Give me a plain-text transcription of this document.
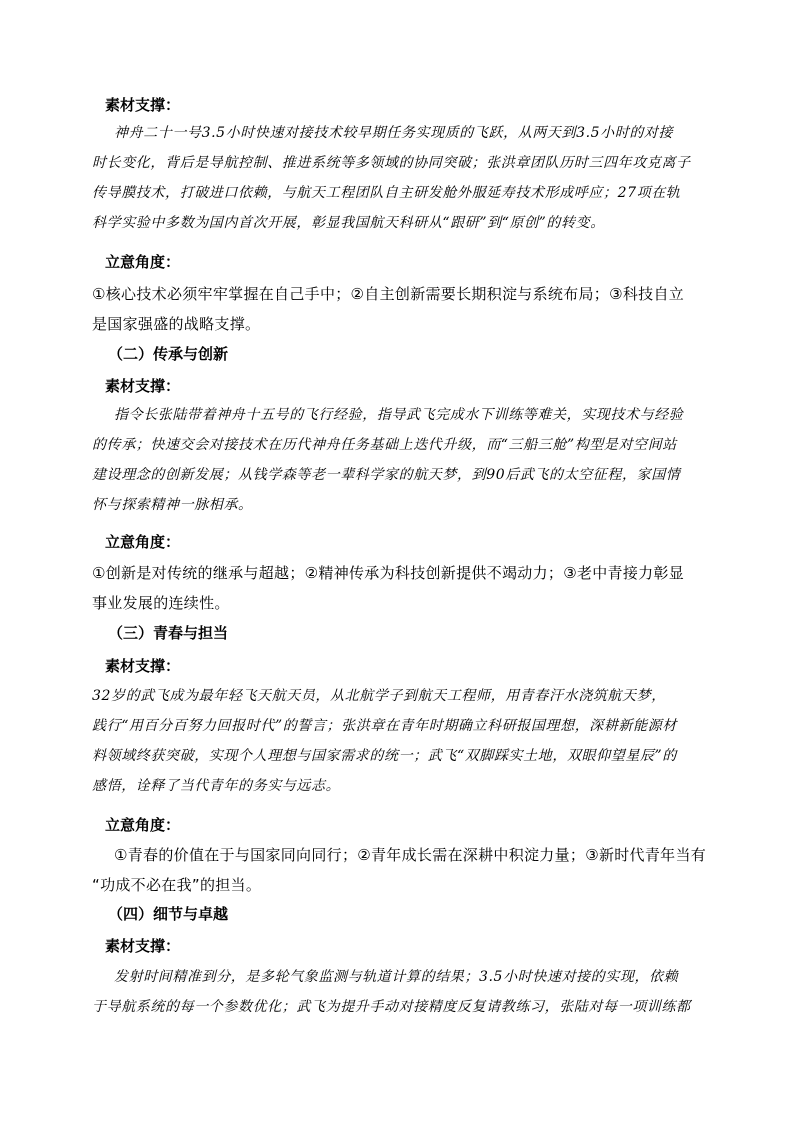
素材支撑：
神舟二十一号3.5小时快速对接技术较早期任务实现质的飞跃，从两天到3.5小时的对接
时长变化，背后是导航控制、推进系统等多领域的协同突破；张洪章团队历时三四年攻克离子
传导膜技术，打破进口依赖，与航天工程团队自主研发舱外服延寿技术形成呼应；27项在轨
科学实验中多数为国内首次开展，彰显我国航天科研从“跟研”到“原创”的转变。
立意角度：
①核心技术必须牢牢掌握在自己手中；②自主创新需要长期积淀与系统布局；③科技自立
是国家强盛的战略支撑。
（二）传承与创新
素材支撑：
指令长张陆带着神舟十五号的飞行经验，指导武飞完成水下训练等难关，实现技术与经验
的传承；快速交会对接技术在历代神舟任务基础上迭代升级，而“三船三舱”构型是对空间站
建设理念的创新发展；从钱学森等老一辈科学家的航天梦，到90后武飞的太空征程，家国情
怀与探索精神一脉相承。
立意角度：
①创新是对传统的继承与超越；②精神传承为科技创新提供不竭动力；③老中青接力彰显
事业发展的连续性。
（三）青春与担当
素材支撑：
32岁的武飞成为最年轻飞天航天员，从北航学子到航天工程师，用青春汗水浇筑航天梦，
践行“用百分百努力回报时代”的誓言；张洪章在青年时期确立科研报国理想，深耕新能源材
料领域终获突破，实现个人理想与国家需求的统一；武飞“双脚踩实土地，双眼仰望星辰”的
感悟，诠释了当代青年的务实与远志。
立意角度：
①青春的价值在于与国家同向同行；②青年成长需在深耕中积淀力量；③新时代青年当有
“功成不必在我”的担当。
（四）细节与卓越
素材支撑：
发射时间精准到分，是多轮气象监测与轨道计算的结果；3.5小时快速对接的实现，依赖
于导航系统的每一个参数优化；武飞为提升手动对接精度反复请教练习，张陆对每一项训练都
